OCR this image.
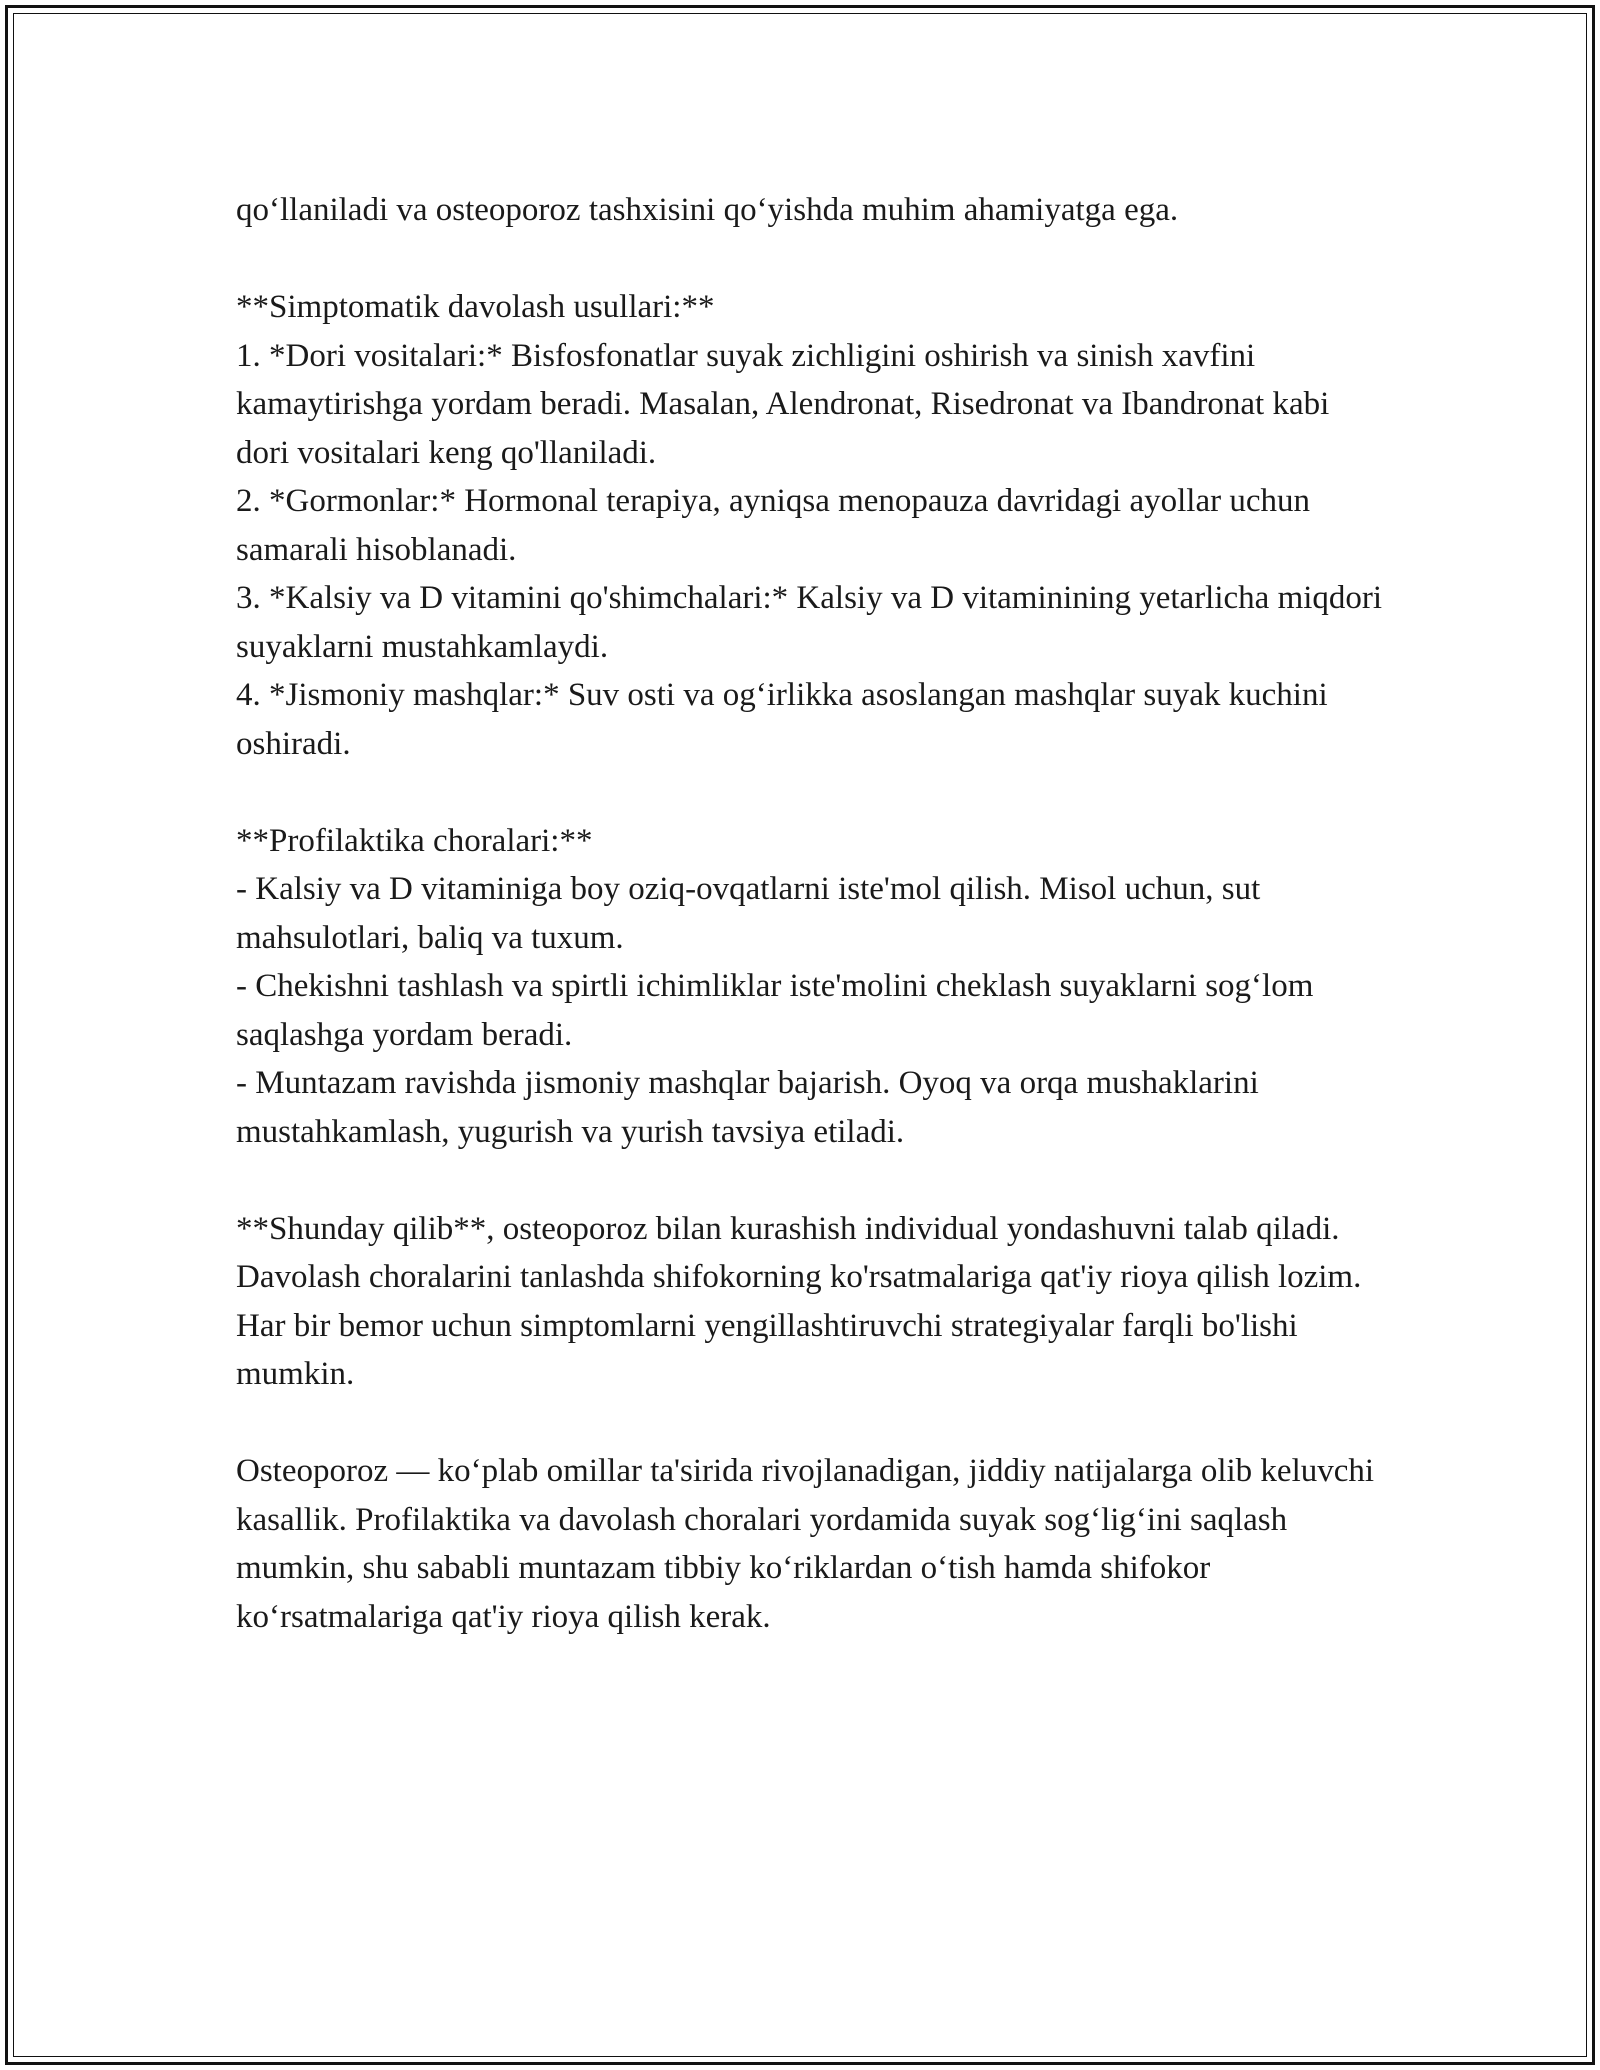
qo‘llaniladi va osteoporoz tashxisini qo‘yishda muhim ahamiyatga ega.

**Simptomatik davolash usullari:**

1. *Dori vositalari:* Bisfosfonatlar suyak zichligini oshirish va sinish xavfini kamaytirishga yordam beradi. Masalan, Alendronat, Risedronat va Ibandronat kabi dori vositalari keng qo'llaniladi.

2. *Gormonlar:* Hormonal terapiya, ayniqsa menopauza davridagi ayollar uchun samarali hisoblanadi.

3. *Kalsiy va D vitamini qo'shimchalari:* Kalsiy va D vitaminining yetarlicha miqdori suyaklarni mustahkamlaydi.

4. *Jismoniy mashqlar:* Suv osti va og‘irlikka asoslangan mashqlar suyak kuchini oshiradi.

**Profilaktika choralari:**

- Kalsiy va D vitaminiga boy oziq-ovqatlarni iste'mol qilish. Misol uchun, sut mahsulotlari, baliq va tuxum.

- Chekishni tashlash va spirtli ichimliklar iste'molini cheklash suyaklarni sog‘lom saqlashga yordam beradi.

- Muntazam ravishda jismoniy mashqlar bajarish. Oyoq va orqa mushaklarini mustahkamlash, yugurish va yurish tavsiya etiladi.

**Shunday qilib**, osteoporoz bilan kurashish individual yondashuvni talab qiladi. Davolash choralarini tanlashda shifokorning ko'rsatmalariga qat'iy rioya qilish lozim. Har bir bemor uchun simptomlarni yengillashtiruvchi strategiyalar farqli bo'lishi mumkin.

Osteoporoz — ko‘plab omillar ta'sirida rivojlanadigan, jiddiy natijalarga olib keluvchi kasallik. Profilaktika va davolash choralari yordamida suyak sog‘lig‘ini saqlash mumkin, shu sababli muntazam tibbiy ko‘riklardan o‘tish hamda shifokor ko‘rsatmalariga qat'iy rioya qilish kerak.
